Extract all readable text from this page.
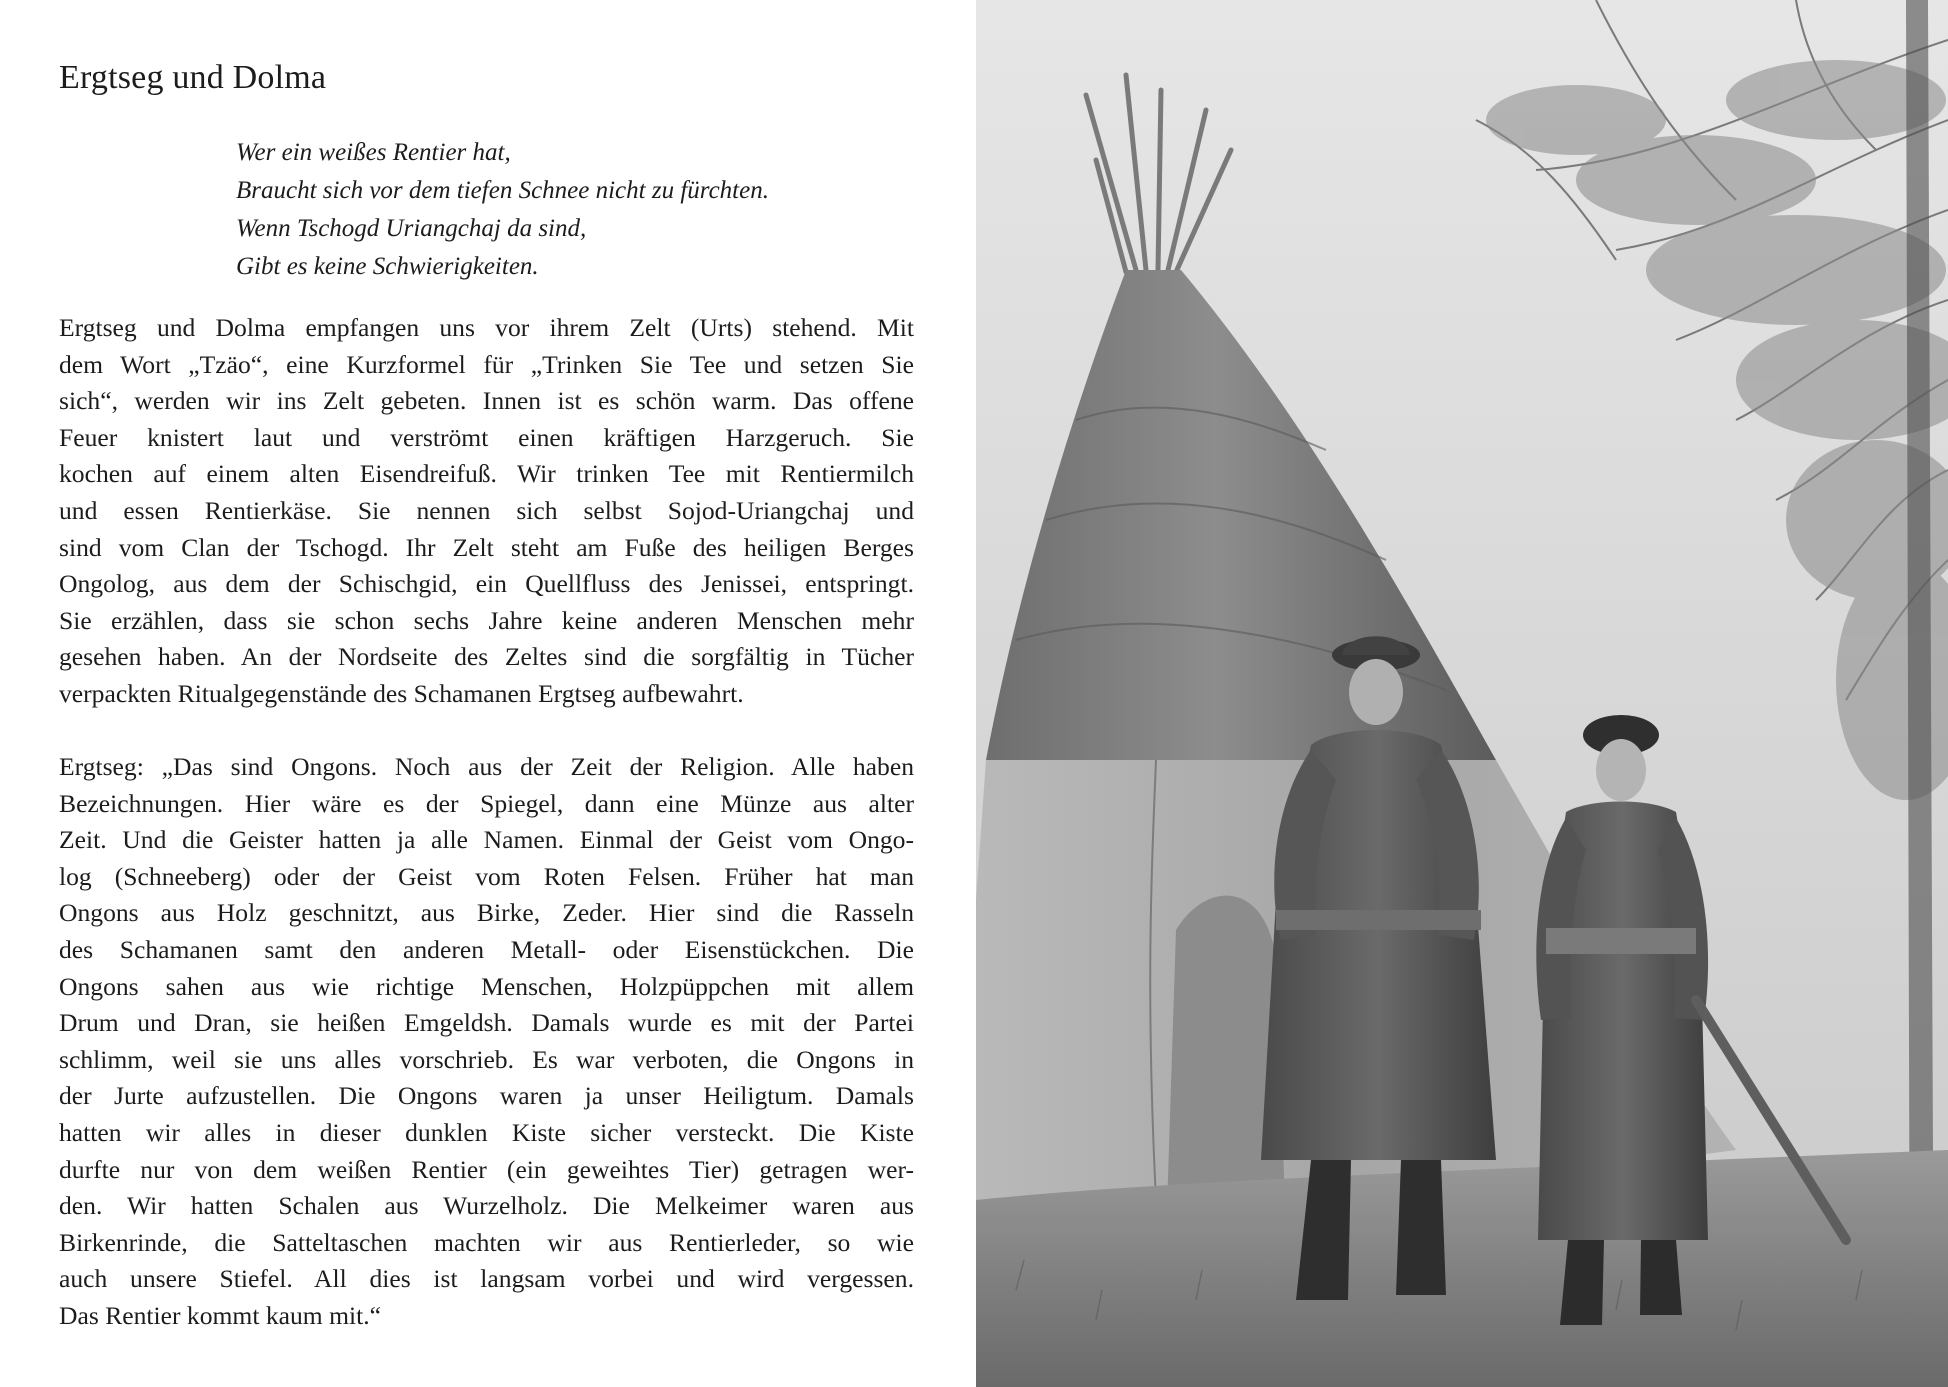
Ergtseg und Dolma
Wer ein weißes Rentier hat,
Braucht sich vor dem tiefen Schnee nicht zu fürchten.
Wenn Tschogd Uriangchaj da sind,
Gibt es keine Schwierigkeiten.
Ergtseg und Dolma empfangen uns vor ihrem Zelt (Urts) stehend. Mit
dem Wort „Tzäo“, eine Kurzformel für „Trinken Sie Tee und setzen Sie
sich“, werden wir ins Zelt gebeten. Innen ist es schön warm. Das offene
Feuer knistert laut und verströmt einen kräftigen Harzgeruch. Sie
kochen auf einem alten Eisendreifuß. Wir trinken Tee mit Rentiermilch
und essen Rentierkäse. Sie nennen sich selbst Sojod-Uriangchaj und
sind vom Clan der Tschogd. Ihr Zelt steht am Fuße des heiligen Berges
Ongolog, aus dem der Schischgid, ein Quellfluss des Jenissei, entspringt.
Sie erzählen, dass sie schon sechs Jahre keine anderen Menschen mehr
gesehen haben. An der Nordseite des Zeltes sind die sorgfältig in Tücher
verpackten Ritualgegenstände des Schamanen Ergtseg aufbewahrt.
Ergtseg: „Das sind Ongons. Noch aus der Zeit der Religion. Alle haben
Bezeichnungen. Hier wäre es der Spiegel, dann eine Münze aus alter
Zeit. Und die Geister hatten ja alle Namen. Einmal der Geist vom Ongo-
log (Schneeberg) oder der Geist vom Roten Felsen. Früher hat man
Ongons aus Holz geschnitzt, aus Birke, Zeder. Hier sind die Rasseln
des Schamanen samt den anderen Metall- oder Eisenstückchen. Die
Ongons sahen aus wie richtige Menschen, Holzpüppchen mit allem
Drum und Dran, sie heißen Emgeldsh. Damals wurde es mit der Partei
schlimm, weil sie uns alles vorschrieb. Es war verboten, die Ongons in
der Jurte aufzustellen. Die Ongons waren ja unser Heiligtum. Damals
hatten wir alles in dieser dunklen Kiste sicher versteckt. Die Kiste
durfte nur von dem weißen Rentier (ein geweihtes Tier) getragen wer-
den. Wir hatten Schalen aus Wurzelholz. Die Melkeimer waren aus
Birkenrinde, die Satteltaschen machten wir aus Rentierleder, so wie
auch unsere Stiefel. All dies ist langsam vorbei und wird vergessen.
Das Rentier kommt kaum mit.“
